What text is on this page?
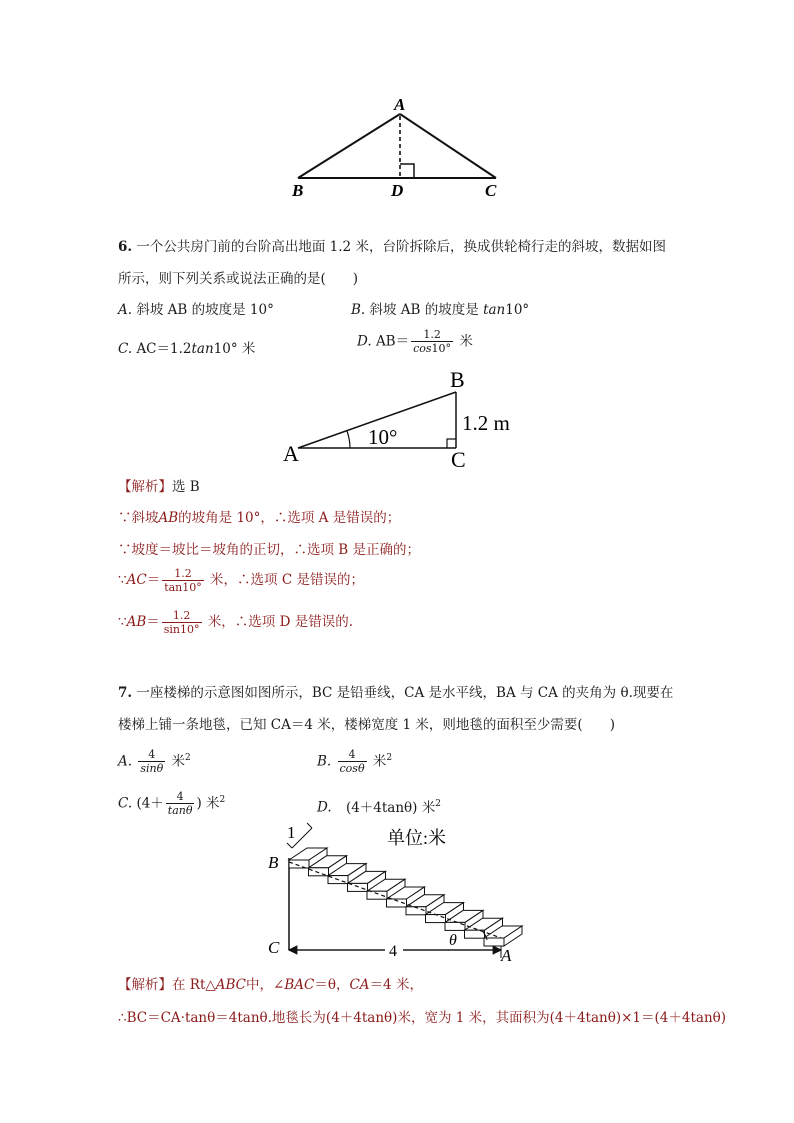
A
B	D	C
6. 一个公共房门前的台阶高出地面 1.2 米，台阶拆除后，换成供轮椅行走的斜坡，数据如图
所示，则下列关系或说法正确的是(　　)
A. 斜坡 AB 的坡度是 10°	B. 斜坡 AB 的坡度是 tan10°
C. AC＝1.2tan10° 米	D. $AB= \frac{1.2}{\cos 10^\circ}$ 米
B
A	C
1.2 m
10°
【解析】选 B
∵斜坡AB的坡角是 10°，∴选项 A 是错误的；
∵坡度＝坡比＝坡角的正切，∴选项 B 是正确的；
∵AC＝ $\frac{1.2}{\tan 10^\circ}$ 米，∴选项 C 是错误的；
∵AB＝ $\frac{1.2}{\sin 10^\circ}$ 米，∴选项 D 是错误的.
7. 一座楼梯的示意图如图所示，BC 是铅垂线，CA 是水平线，BA 与 CA 的夹角为 θ.现要在
楼梯上铺一条地毯，已知 CA＝4 米，楼梯宽度 1 米，则地毯的面积至少需要(　　)
A. $\frac{4}{\sin\theta}$ 米$^2$	B. $\frac{4}{\cos\theta}$ 米$^2$
C. ($4+ \frac{4}{\tan\theta}$ ) 米$^2$	D. (4＋4tanθ) 米$^2$
单位:米
1
B
C	A
4
θ
【解析】在 Rt△ABC中，∠BAC＝θ，CA＝4 米，
∴BC＝CA·tanθ＝4tanθ.地毯长为(4＋4tanθ)米，宽为 1 米，其面积为(4＋4tanθ)×1＝(4＋4tanθ)
